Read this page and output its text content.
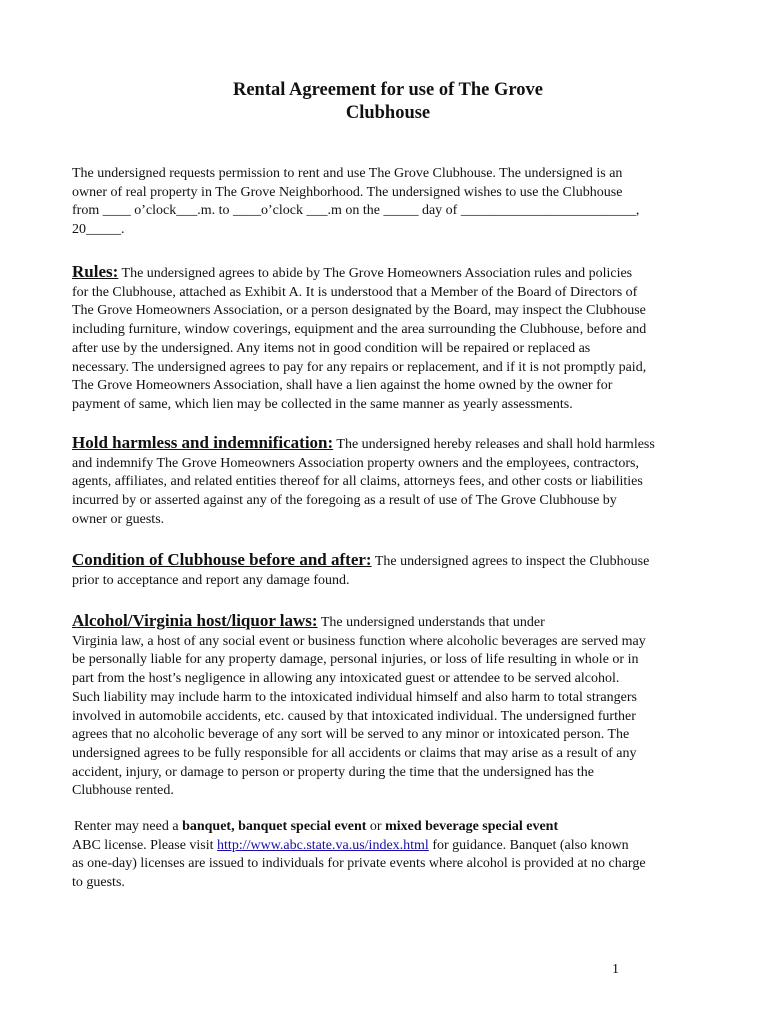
Rental Agreement for use of The Grove
Clubhouse
The undersigned requests permission to rent and use The Grove Clubhouse. The undersigned is an
owner of real property in The Grove Neighborhood. The undersigned wishes to use the Clubhouse
from ____ o’clock___.m. to ____o’clock ___.m on the _____ day of _________________________,
20_____.
Rules: The undersigned agrees to abide by The Grove Homeowners Association rules and policies
for the Clubhouse, attached as Exhibit A. It is understood that a Member of the Board of Directors of
The Grove Homeowners Association, or a person designated by the Board, may inspect the Clubhouse
including furniture, window coverings, equipment and the area surrounding the Clubhouse, before and
after use by the undersigned. Any items not in good condition will be repaired or replaced as
necessary. The undersigned agrees to pay for any repairs or replacement, and if it is not promptly paid,
The Grove Homeowners Association, shall have a lien against the home owned by the owner for
payment of same, which lien may be collected in the same manner as yearly assessments.
Hold harmless and indemnification: The undersigned hereby releases and shall hold harmless
and indemnify The Grove Homeowners Association property owners and the employees, contractors,
agents, affiliates, and related entities thereof for all claims, attorneys fees, and other costs or liabilities
incurred by or asserted against any of the foregoing as a result of use of The Grove Clubhouse by
owner or guests.
Condition of Clubhouse before and after: The undersigned agrees to inspect the Clubhouse
prior to acceptance and report any damage found.
Alcohol/Virginia host/liquor laws: The undersigned understands that under
Virginia law, a host of any social event or business function where alcoholic beverages are served may
be personally liable for any property damage, personal injuries, or loss of life resulting in whole or in
part from the host’s negligence in allowing any intoxicated guest or attendee to be served alcohol.
Such liability may include harm to the intoxicated individual himself and also harm to total strangers
involved in automobile accidents, etc. caused by that intoxicated individual. The undersigned further
agrees that no alcoholic beverage of any sort will be served to any minor or intoxicated person. The
undersigned agrees to be fully responsible for all accidents or claims that may arise as a result of any
accident, injury, or damage to person or property during the time that the undersigned has the
Clubhouse rented.
Renter may need a banquet, banquet special event or mixed beverage special event
ABC license. Please visit http://www.abc.state.va.us/index.html for guidance. Banquet (also known
as one-day) licenses are issued to individuals for private events where alcohol is provided at no charge
to guests.
1
